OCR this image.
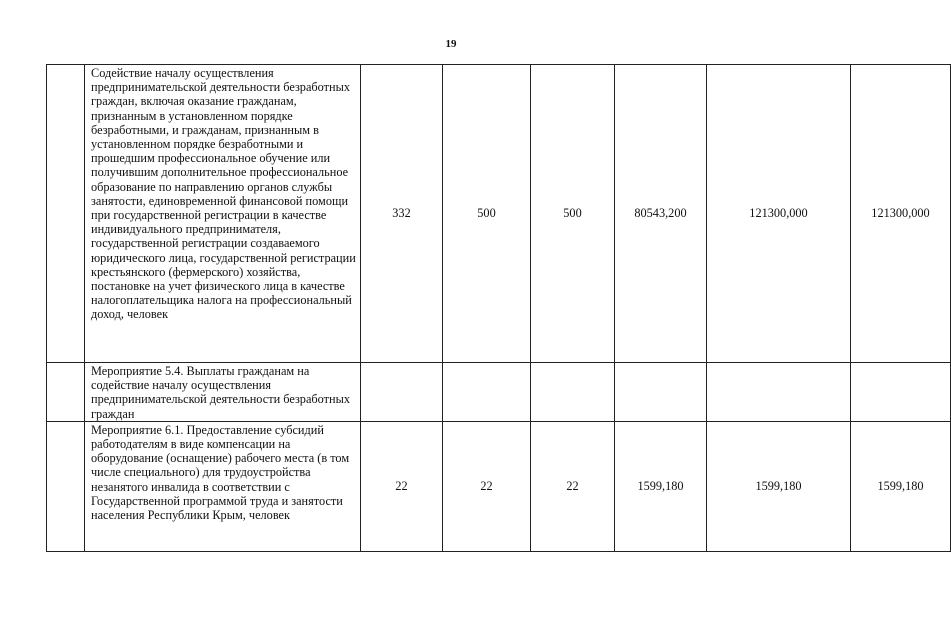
19
	Содействие началу осуществления предпринимательской деятельности безработных граждан, включая оказание гражданам, признанным в установленном порядке безработными, и гражданам, признанным в установленном порядке безработными и прошедшим профессиональное обучение или получившим дополнительное профессиональное образование по направлению органов службы занятости, единовременной финансовой помощи при государственной регистрации в качестве индивидуального предпринимателя, государственной регистрации создаваемого юридического лица, государственной регистрации крестьянского (фермерского) хозяйства, постановке на учет физического лица в качестве налогоплательщика налога на профессиональный доход, человек	332	500	500	80543,200	121300,000	121300,000
	Мероприятие 5.4. Выплаты гражданам на содействие началу осуществления предпринимательской деятельности безработных граждан						
	Мероприятие 6.1. Предоставление субсидий работодателям в виде компенсации на оборудование (оснащение) рабочего места (в том числе специального) для трудоустройства незанятого инвалида в соответствии с Государственной программой труда и занятости населения Республики Крым, человек	22	22	22	1599,180	1599,180	1599,180
